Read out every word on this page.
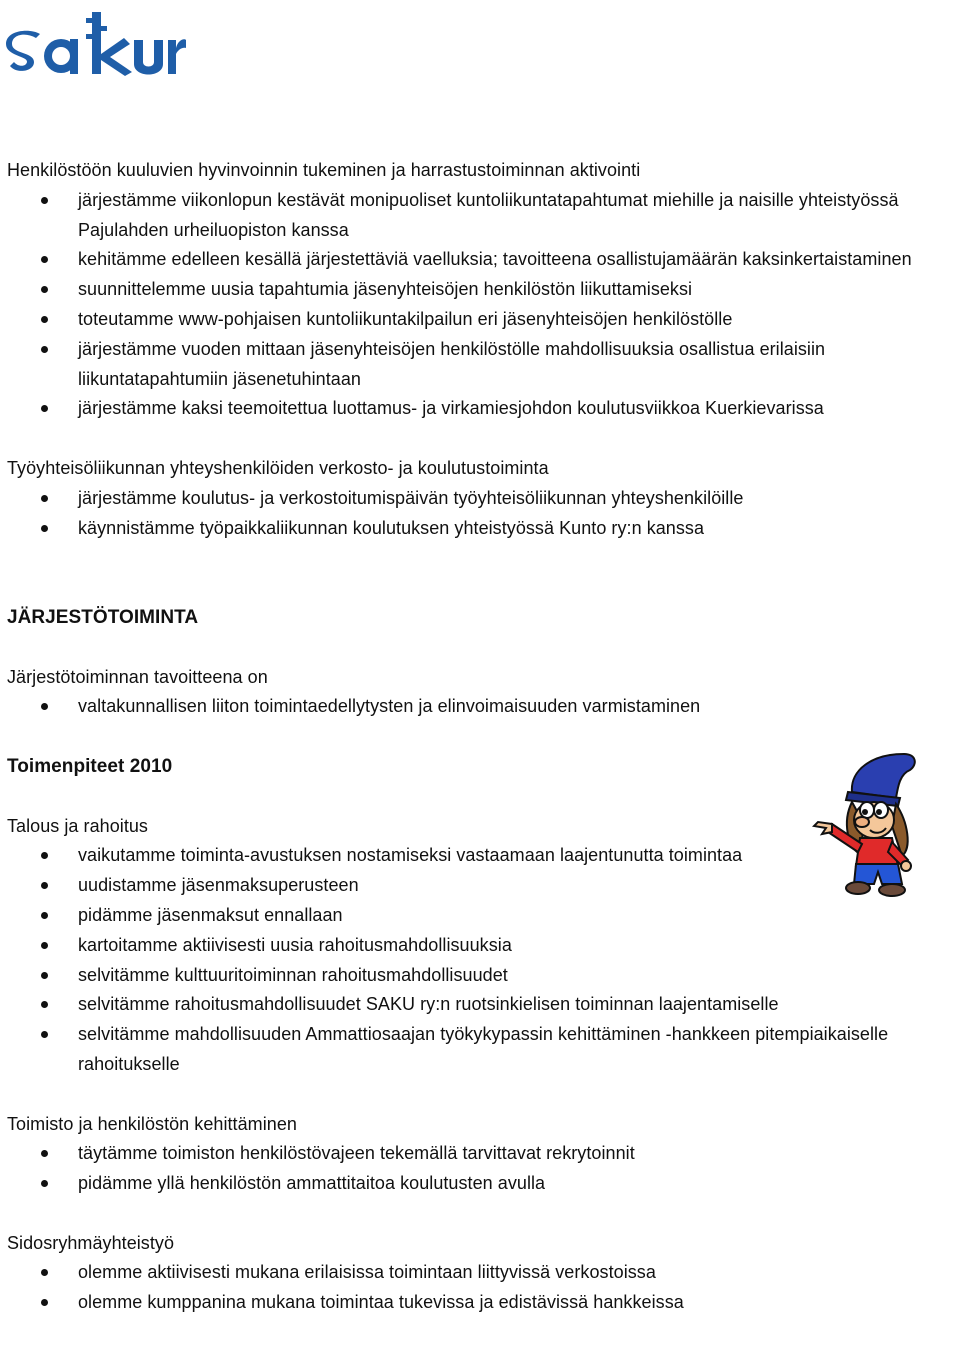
Henkilöstöön kuuluvien hyvinvoinnin tukeminen ja harrastustoiminnan aktivointi

järjestämme viikonlopun kestävät monipuoliset kuntoliikuntatapahtumat miehille ja naisille yhteistyössä Pajulahden urheiluopiston kanssa
kehitämme edelleen kesällä järjestettäviä vaelluksia; tavoitteena osallistujamäärän kaksinkertaistaminen
suunnittelemme uusia tapahtumia jäsenyhteisöjen henkilöstön liikuttamiseksi
toteutamme www-pohjaisen kuntoliikuntakilpailun eri jäsenyhteisöjen henkilöstölle
järjestämme vuoden mittaan jäsenyhteisöjen henkilöstölle mahdollisuuksia osallistua erilaisiin liikuntatapahtumiin jäsenetuhintaan
järjestämme kaksi teemoitettua luottamus- ja virkamiesjohdon koulutusviikkoa Kuerkievarissa

Työyhteisöliikunnan yhteyshenkilöiden verkosto- ja koulutustoiminta

järjestämme koulutus- ja verkostoitumispäivän työyhteisöliikunnan yhteyshenkilöille
käynnistämme työpaikkaliikunnan koulutuksen yhteistyössä Kunto ry:n kanssa

JÄRJESTÖTOIMINTA

Järjestötoiminnan tavoitteena on

valtakunnallisen liiton toimintaedellytysten ja elinvoimaisuuden varmistaminen

Toimenpiteet 2010

Talous ja rahoitus

vaikutamme toiminta-avustuksen nostamiseksi vastaamaan laajentunutta toimintaa
uudistamme jäsenmaksuperusteen
pidämme jäsenmaksut ennallaan
kartoitamme aktiivisesti uusia rahoitusmahdollisuuksia
selvitämme kulttuuritoiminnan rahoitusmahdollisuudet
selvitämme rahoitusmahdollisuudet SAKU ry:n ruotsinkielisen toiminnan laajentamiselle
selvitämme mahdollisuuden Ammattiosaajan työkykypassin kehittäminen -hankkeen pitempiaikaiselle rahoitukselle

Toimisto ja henkilöstön kehittäminen

täytämme toimiston henkilöstövajeen tekemällä tarvittavat rekrytoinnit
pidämme yllä henkilöstön ammattitaitoa koulutusten avulla

Sidosryhmäyhteistyö

olemme aktiivisesti mukana erilaisissa toimintaan liittyvissä verkostoissa
olemme kumppanina mukana toimintaa tukevissa ja edistävissä hankkeissa
